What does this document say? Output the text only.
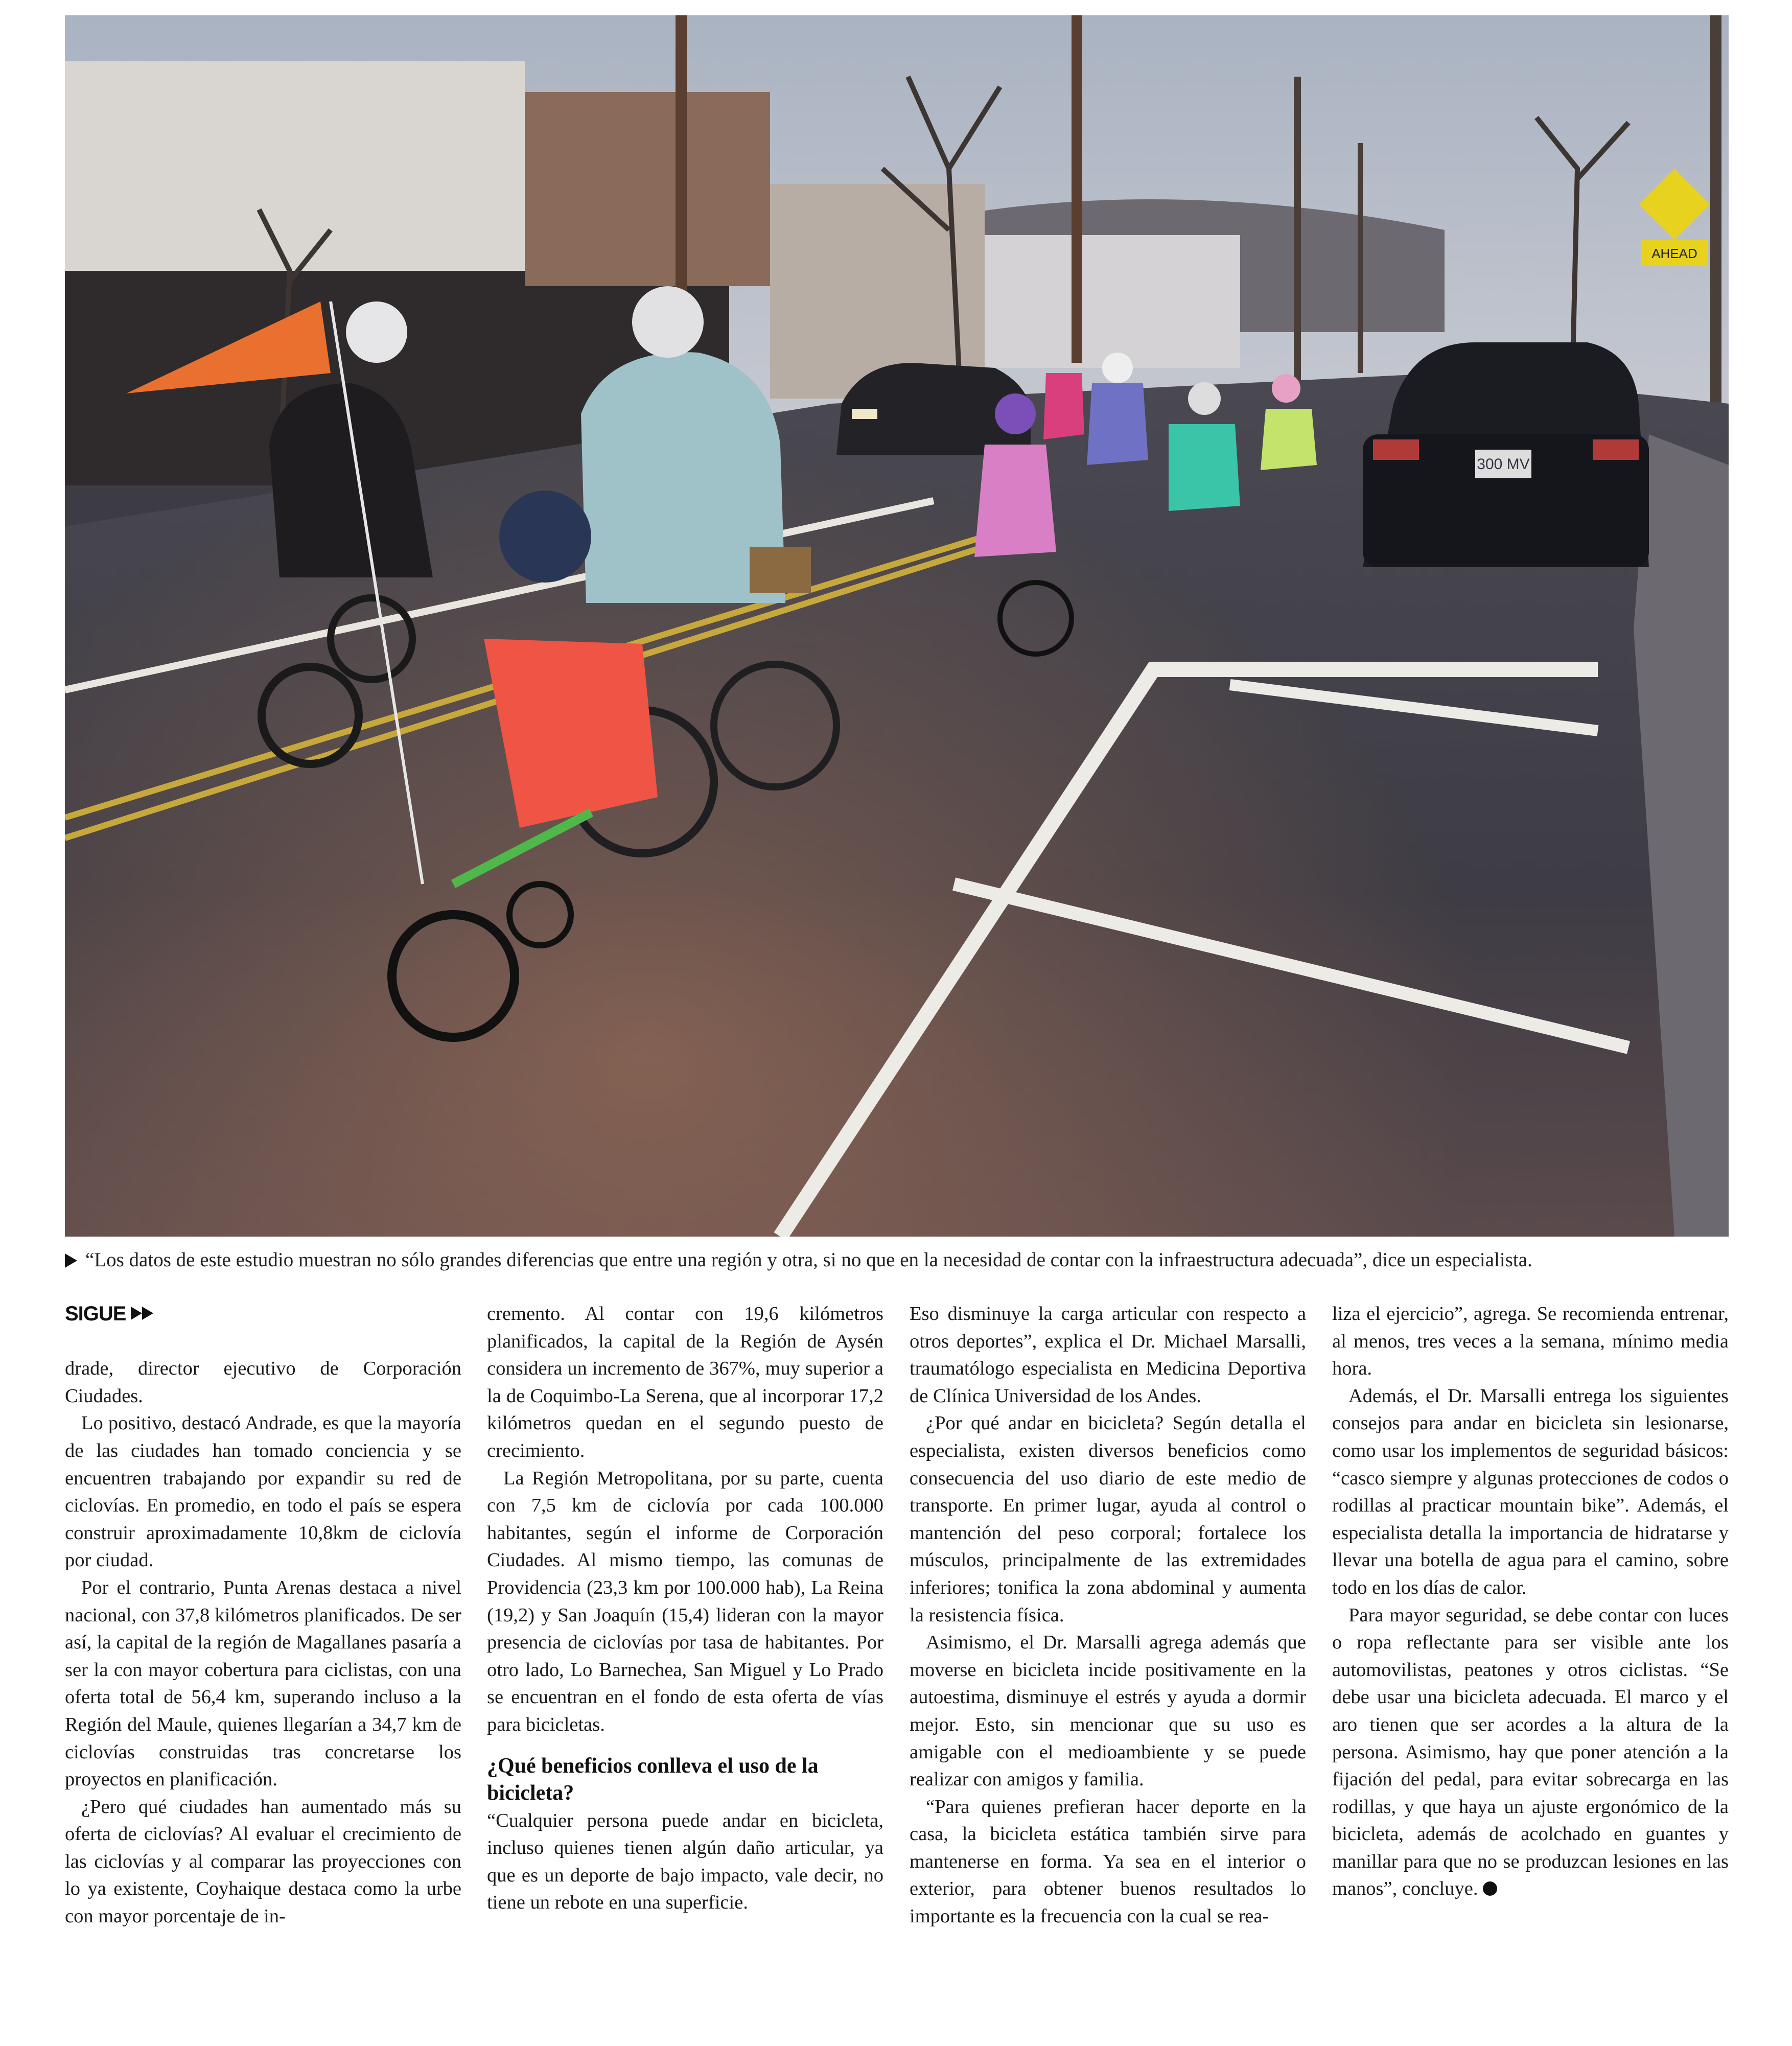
300 MV
AHEAD
“Los datos de este estudio muestran no sólo grandes diferencias que entre una región y otra, si no que en la necesidad de contar con la infraestructura adecuada”, dice un especialista.
SIGUE

drade, director ejecutivo de Corporación Ciudades.

Lo positivo, destacó Andrade, es que la mayoría de las ciudades han tomado conciencia y se encuentren trabajando por expandir su red de ciclovías. En promedio, en todo el país se espera construir aproximadamente 10,8km de ciclovía por ciudad.

Por el contrario, Punta Arenas destaca a nivel nacional, con 37,8 kilómetros planificados. De ser así, la capital de la región de Magallanes pasaría a ser la con mayor cobertura para ciclistas, con una oferta total de 56,4 km, superando incluso a la Región del Maule, quienes llegarían a 34,7 km de ciclovías construidas tras concretarse los proyectos en planificación.

¿Pero qué ciudades han aumentado más su oferta de ciclovías? Al evaluar el crecimiento de las ciclovías y al comparar las proyecciones con lo ya existente, Coyhaique destaca como la urbe con mayor porcentaje de in-

cremento. Al contar con 19,6 kilómetros planificados, la capital de la Región de Aysén considera un incremento de 367%, muy superior a la de Coquimbo-La Serena, que al incorporar 17,2 kilómetros quedan en el segundo puesto de crecimiento.

La Región Metropolitana, por su parte, cuenta con 7,5 km de ciclovía por cada 100.000 habitantes, según el informe de Corporación Ciudades. Al mismo tiempo, las comunas de Providencia (23,3 km por 100.000 hab), La Reina (19,2) y San Joaquín (15,4) lideran con la mayor presencia de ciclovías por tasa de habitantes. Por otro lado, Lo Barnechea, San Miguel y Lo Prado se encuentran en el fondo de esta oferta de vías para bicicletas.

¿Qué beneficios conlleva el uso de la bicicleta?

“Cualquier persona puede andar en bicicleta, incluso quienes tienen algún daño articular, ya que es un deporte de bajo impacto, vale decir, no tiene un rebote en una superficie.

Eso disminuye la carga articular con respecto a otros deportes”, explica el Dr. Michael Marsalli, traumatólogo especialista en Medicina Deportiva de Clínica Universidad de los Andes.

¿Por qué andar en bicicleta? Según detalla el especialista, existen diversos beneficios como consecuencia del uso diario de este medio de transporte. En primer lugar, ayuda al control o mantención del peso corporal; fortalece los músculos, principalmente de las extremidades inferiores; tonifica la zona abdominal y aumenta la resistencia física.

Asimismo, el Dr. Marsalli agrega además que moverse en bicicleta incide positivamente en la autoestima, disminuye el estrés y ayuda a dormir mejor. Esto, sin mencionar que su uso es amigable con el medioambiente y se puede realizar con amigos y familia.

“Para quienes prefieran hacer deporte en la casa, la bicicleta estática también sirve para mantenerse en forma. Ya sea en el interior o exterior, para obtener buenos resultados lo importante es la frecuencia con la cual se rea-

liza el ejercicio”, agrega. Se recomienda entrenar, al menos, tres veces a la semana, mínimo media hora.

Además, el Dr. Marsalli entrega los siguientes consejos para andar en bicicleta sin lesionarse, como usar los implementos de seguridad básicos: “casco siempre y algunas protecciones de codos o rodillas al practicar mountain bike”. Además, el especialista detalla la importancia de hidratarse y llevar una botella de agua para el camino, sobre todo en los días de calor.

Para mayor seguridad, se debe contar con luces o ropa reflectante para ser visible ante los automovilistas, peatones y otros ciclistas. “Se debe usar una bicicleta adecuada. El marco y el aro tienen que ser acordes a la altura de la persona. Asimismo, hay que poner atención a la fijación del pedal, para evitar sobrecarga en las rodillas, y que haya un ajuste ergonómico de la bicicleta, además de acolchado en guantes y manillar para que no se produzcan lesiones en las manos”, concluye.
